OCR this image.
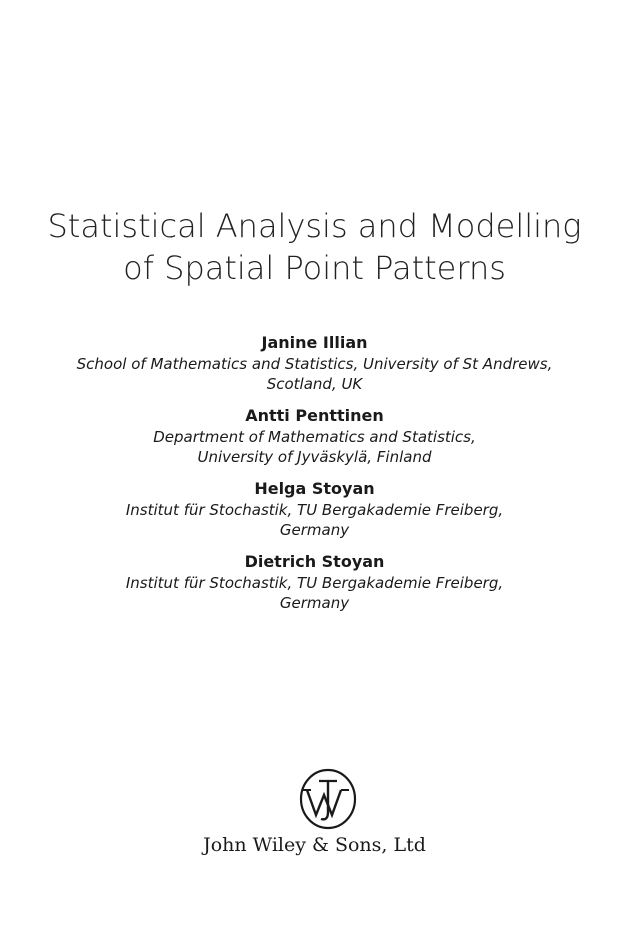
Statistical Analysis and Modelling
of Spatial Point Patterns
Janine Illian
School of Mathematics and Statistics, University of St Andrews,
Scotland, UK
Antti Penttinen
Department of Mathematics and Statistics,
University of Jyväskylä, Finland
Helga Stoyan
Institut für Stochastik, TU Bergakademie Freiberg,
Germany
Dietrich Stoyan
Institut für Stochastik, TU Bergakademie Freiberg,
Germany
John Wiley & Sons, Ltd
